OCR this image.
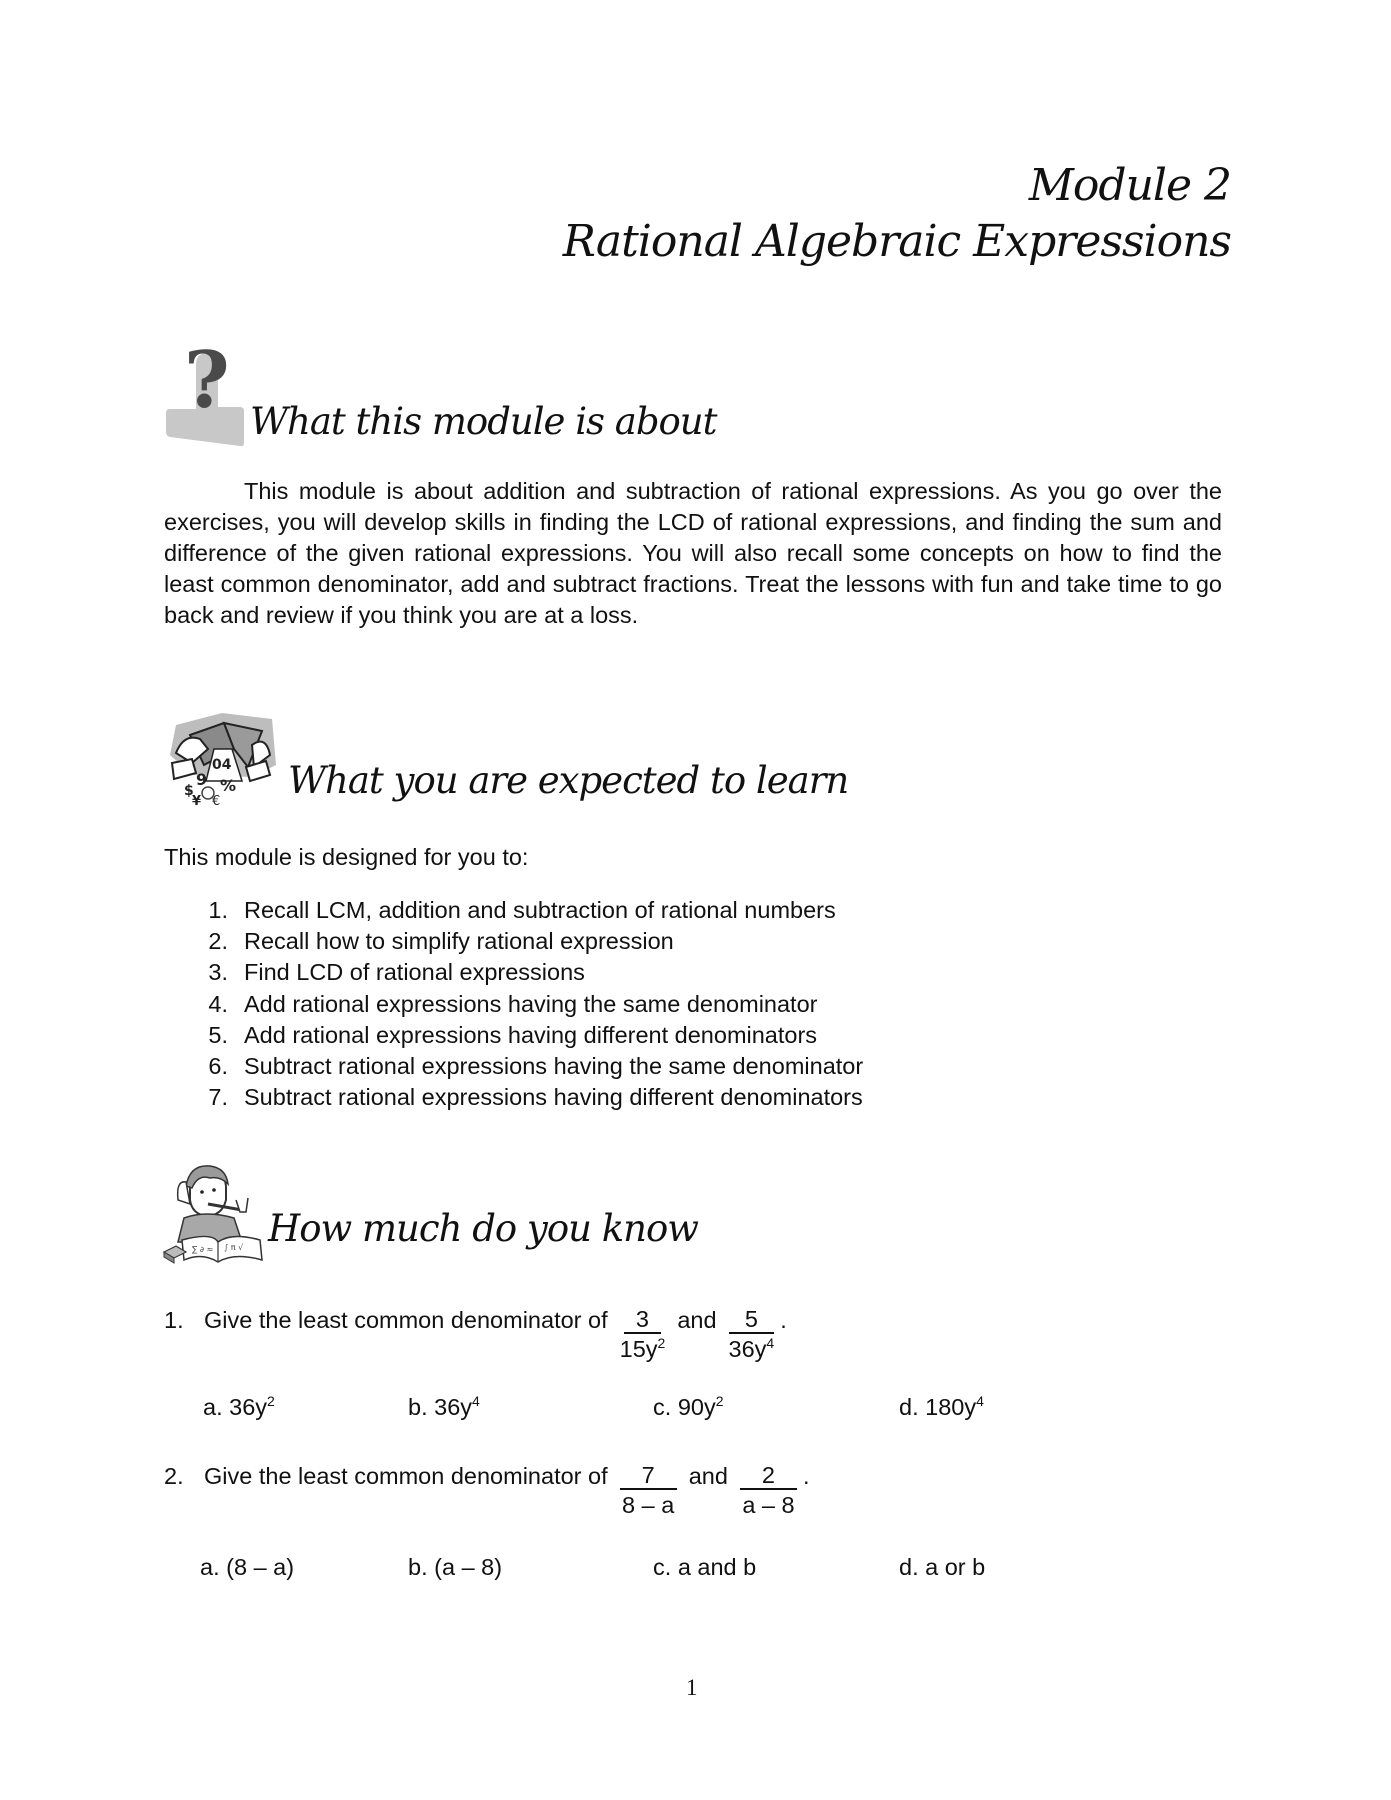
Module 2
Rational Algebraic Expressions
? What this module is about
This module is about addition and subtraction of rational expressions. As you go over the exercises, you will develop skills in finding the LCD of rational expressions, and finding the sum and difference of the given rational expressions. You will also recall some concepts on how to find the least common denominator, add and subtract fractions. Treat the lessons with fun and take time to go back and review if you think you are at a loss.
04
9 %
$
¥ € What you are expected to learn
This module is designed for you to:
1. Recall LCM, addition and subtraction of rational numbers
2. Recall how to simplify rational expression
3. Find LCD of rational expressions
4. Add rational expressions having the same denominator
5. Add rational expressions having different denominators
6. Subtract rational expressions having the same denominator
7. Subtract rational expressions having different denominators
∑ ∂ ≈ ∫ π √ How much do you know
1. Give the least common denominator of $\frac{3}{15y^2}$ and $\frac{5}{36y^4}$ .
a. $36y^2$	b. $36y^4$	c. $90y^2$	d. $180y^4$
2. Give the least common denominator of $\frac{7}{8 - a}$ and $\frac{2}{a - 8}$ .
a. (8 – a)	b. (a – 8)	c. a and b	d. a or b
1
